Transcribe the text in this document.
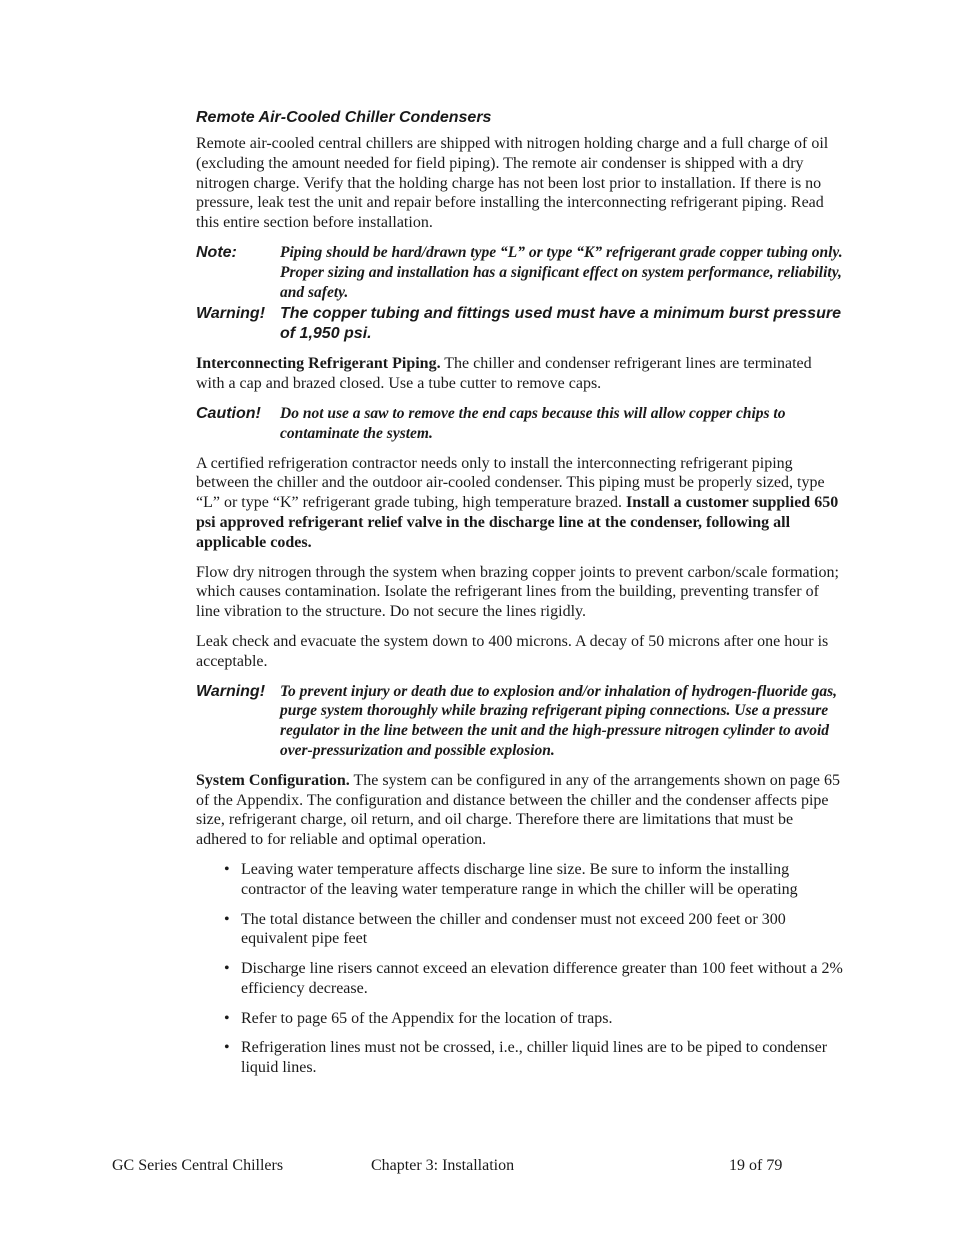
Remote Air-Cooled Chiller Condensers

Remote air-cooled central chillers are shipped with nitrogen holding charge and a full charge of oil (excluding the amount needed for field piping). The remote air condenser is shipped with a dry nitrogen charge. Verify that the holding charge has not been lost prior to installation. If there is no pressure, leak test the unit and repair before installing the interconnecting refrigerant piping. Read this entire section before installation.

Note:	Piping should be hard/drawn type “L” or type “K” refrigerant grade copper tubing only. Proper sizing and installation has a significant effect on system performance, reliability, and safety.
Warning! The copper tubing and fittings used must have a minimum burst pressure of 1,950 psi.

Interconnecting Refrigerant Piping. The chiller and condenser refrigerant lines are terminated with a cap and brazed closed. Use a tube cutter to remove caps.

Caution!	Do not use a saw to remove the end caps because this will allow copper chips to contaminate the system.

A certified refrigeration contractor needs only to install the interconnecting refrigerant piping between the chiller and the outdoor air-cooled condenser. This piping must be properly sized, type “L” or type “K” refrigerant grade tubing, high temperature brazed. Install a customer supplied 650 psi approved refrigerant relief valve in the discharge line at the condenser, following all applicable codes.

Flow dry nitrogen through the system when brazing copper joints to prevent carbon/scale formation; which causes contamination. Isolate the refrigerant lines from the building, preventing transfer of line vibration to the structure. Do not secure the lines rigidly.

Leak check and evacuate the system down to 400 microns. A decay of 50 microns after one hour is acceptable.

Warning! To prevent injury or death due to explosion and/or inhalation of hydrogen-fluoride gas, purge system thoroughly while brazing refrigerant piping connections. Use a pressure regulator in the line between the unit and the high-pressure nitrogen cylinder to avoid over-pressurization and possible explosion.

System Configuration. The system can be configured in any of the arrangements shown on page 65 of the Appendix. The configuration and distance between the chiller and the condenser affects pipe size, refrigerant charge, oil return, and oil charge. Therefore there are limitations that must be adhered to for reliable and optimal operation.

• Leaving water temperature affects discharge line size. Be sure to inform the installing contractor of the leaving water temperature range in which the chiller will be operating
• The total distance between the chiller and condenser must not exceed 200 feet or 300 equivalent pipe feet
• Discharge line risers cannot exceed an elevation difference greater than 100 feet without a 2% efficiency decrease.
• Refer to page 65 of the Appendix for the location of traps.
• Refrigeration lines must not be crossed, i.e., chiller liquid lines are to be piped to condenser liquid lines.
GC Series Central Chillers	Chapter 3: Installation	19 of 79
